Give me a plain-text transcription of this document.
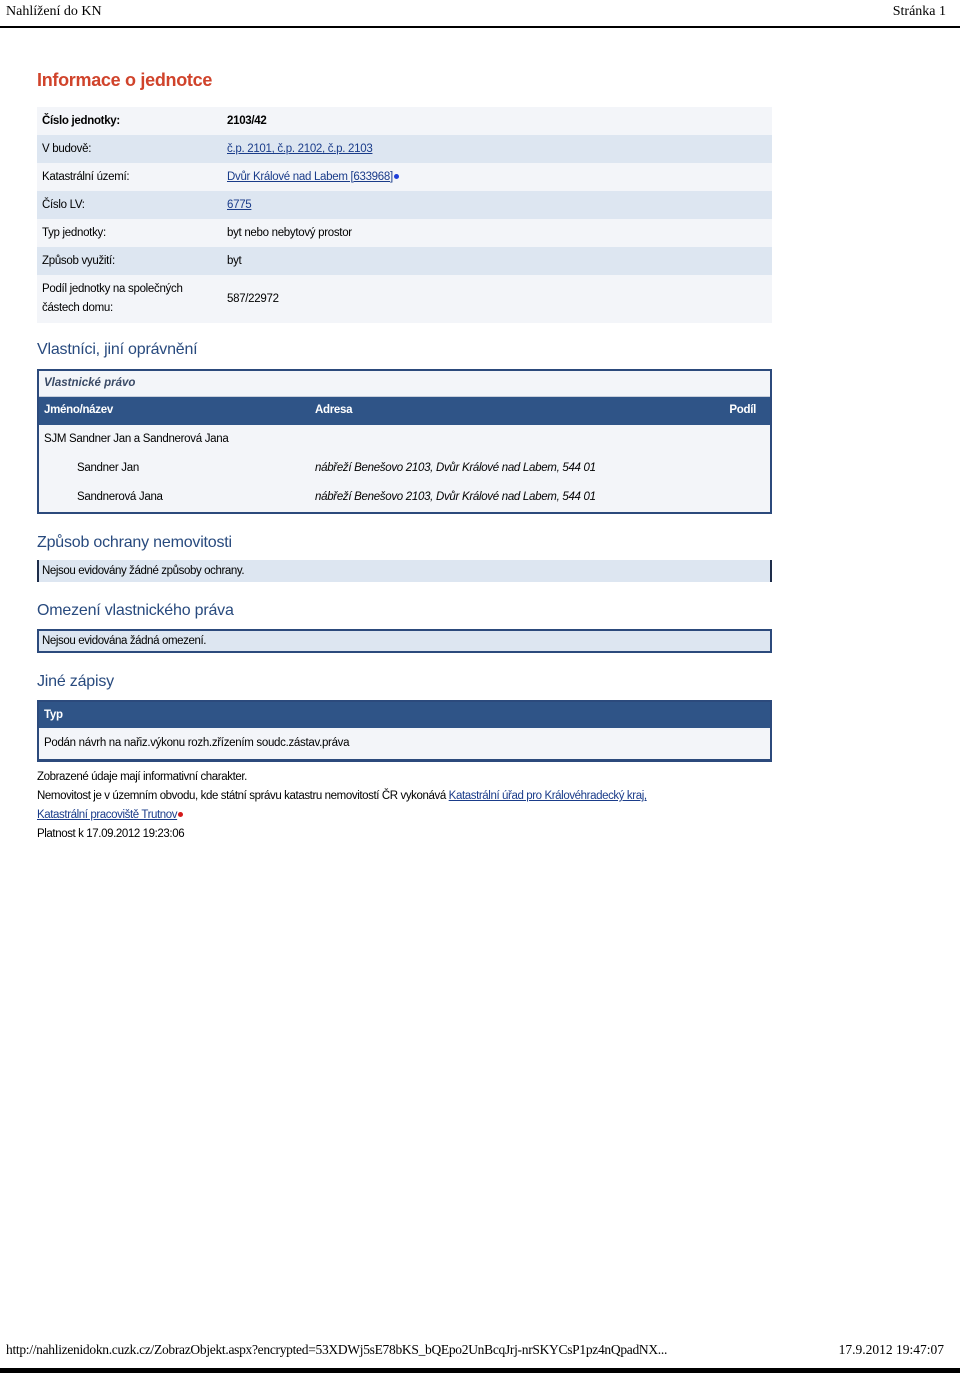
Nahlížení do KN	Stránka 1
Informace o jednotce
Číslo jednotky:	2103/42
V budově:	č.p. 2101, č.p. 2102, č.p. 2103
Katastrální území:	Dvůr Králové nad Labem [633968]
Číslo LV:	6775
Typ jednotky:	byt nebo nebytový prostor
Způsob využití:	byt
Podíl jednotky na společných částech domu:	587/22972
Vlastníci, jiní oprávnění
Vlastnické právo
Jméno/název	Adresa	Podíl
SJM Sandner Jan a Sandnerová Jana
Sandner Jan	nábřeží Benešovo 2103, Dvůr Králové nad Labem, 544 01
Sandnerová Jana	nábřeží Benešovo 2103, Dvůr Králové nad Labem, 544 01
Způsob ochrany nemovitosti
Nejsou evidovány žádné způsoby ochrany.
Omezení vlastnického práva
Nejsou evidována žádná omezení.
Jiné zápisy
Typ
Podán návrh na nařiz.výkonu rozh.zřízením soudc.zástav.práva
Zobrazené údaje mají informativní charakter.
Nemovitost je v územním obvodu, kde státní správu katastru nemovitostí ČR vykonává Katastrální úřad pro Královéhradecký kraj,
Katastrální pracoviště Trutnov
Platnost k 17.09.2012 19:23:06
http://nahlizenidokn.cuzk.cz/ZobrazObjekt.aspx?encrypted=53XDWj5sE78bKS_bQEpo2UnBcqJrj-nrSKYCsP1pz4nQpadNX...	17.9.2012 19:47:07
